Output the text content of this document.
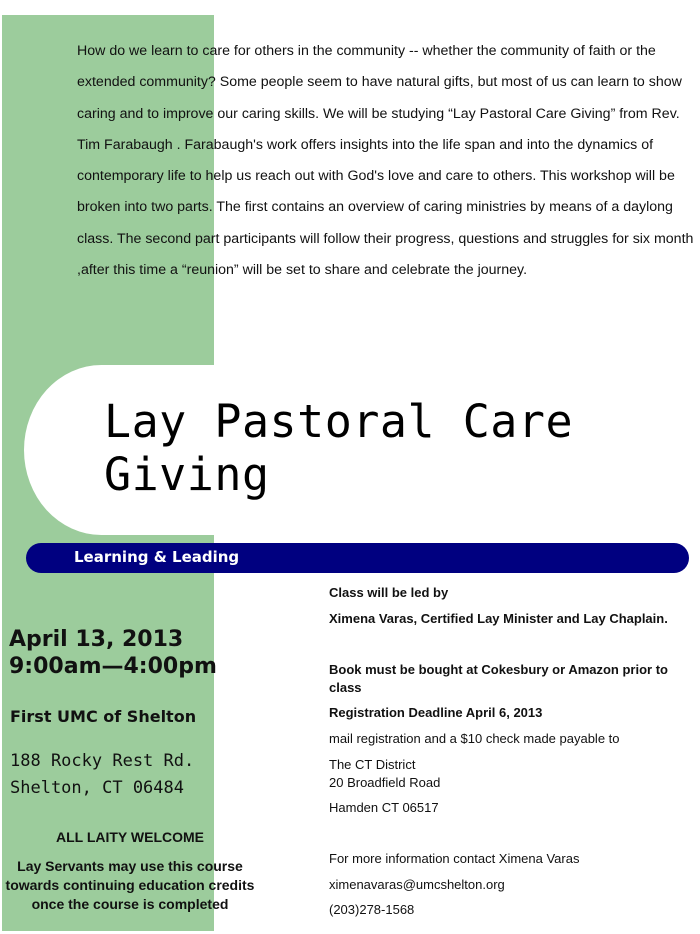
How do we learn to care for others in the community -- whether the community of faith or the extended community? Some people seem to have natural gifts, but most of us can learn to show caring and to improve our caring skills. We will be studying “Lay Pastoral Care Giving” from Rev. Tim Farabaugh . Farabaugh's work offers insights into the life span and into the dynamics of contemporary life to help us reach out with God's love and care to others. This workshop will be broken into two parts. The first contains an overview of caring ministries by means of a daylong class. The second part participants will follow their progress, questions and struggles for six month ,after this time a “reunion” will be set to share and celebrate the journey.
Lay Pastoral Care
Giving
Learning & Leading
April 13, 2013
9:00am—4:00pm
First UMC of Shelton
188 Rocky Rest Rd.
Shelton, CT 06484
ALL LAITY WELCOME
Lay Servants may use this course
towards continuing education credits
once the course is completed
Class will be led by
Ximena Varas, Certified Lay Minister and Lay Chaplain.
Book must be bought at Cokesbury or Amazon prior to
class
Registration Deadline April 6, 2013
mail registration and a $10 check made payable to
The CT District
20 Broadfield Road
Hamden CT 06517
For more information contact Ximena Varas
ximenavaras@umcshelton.org
(203)278-1568
